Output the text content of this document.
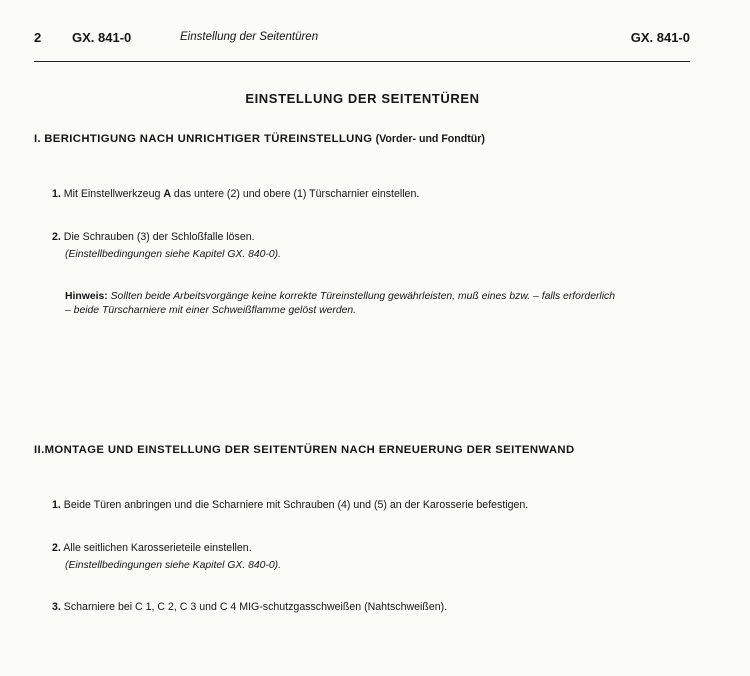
2 GX. 841-0	Einstellung der Seitentüren	GX. 841-0
EINSTELLUNG DER SEITENTÜREN
I. BERICHTIGUNG NACH UNRICHTIGER TÜREINSTELLUNG (Vorder- und Fondtür)
1. Mit Einstellwerkzeug A das untere (2) und obere (1) Türscharnier einstellen.
2. Die Schrauben (3) der Schloßfalle lösen.
(Einstellbedingungen siehe Kapitel GX. 840-0).
Hinweis: Sollten beide Arbeitsvorgänge keine korrekte Türeinstellung gewährleisten, muß eines bzw. – falls erforderlich
– beide Türscharniere mit einer Schweißflamme gelöst werden.
II.MONTAGE UND EINSTELLUNG DER SEITENTÜREN NACH ERNEUERUNG DER SEITENWAND
1. Beide Türen anbringen und die Scharniere mit Schrauben (4) und (5) an der Karosserie befestigen.
2. Alle seitlichen Karosserieteile einstellen.
(Einstellbedingungen siehe Kapitel GX. 840-0).
3. Scharniere bei C 1, C 2, C 3 und C 4 MIG-schutzgasschweißen (Nahtschweißen).
